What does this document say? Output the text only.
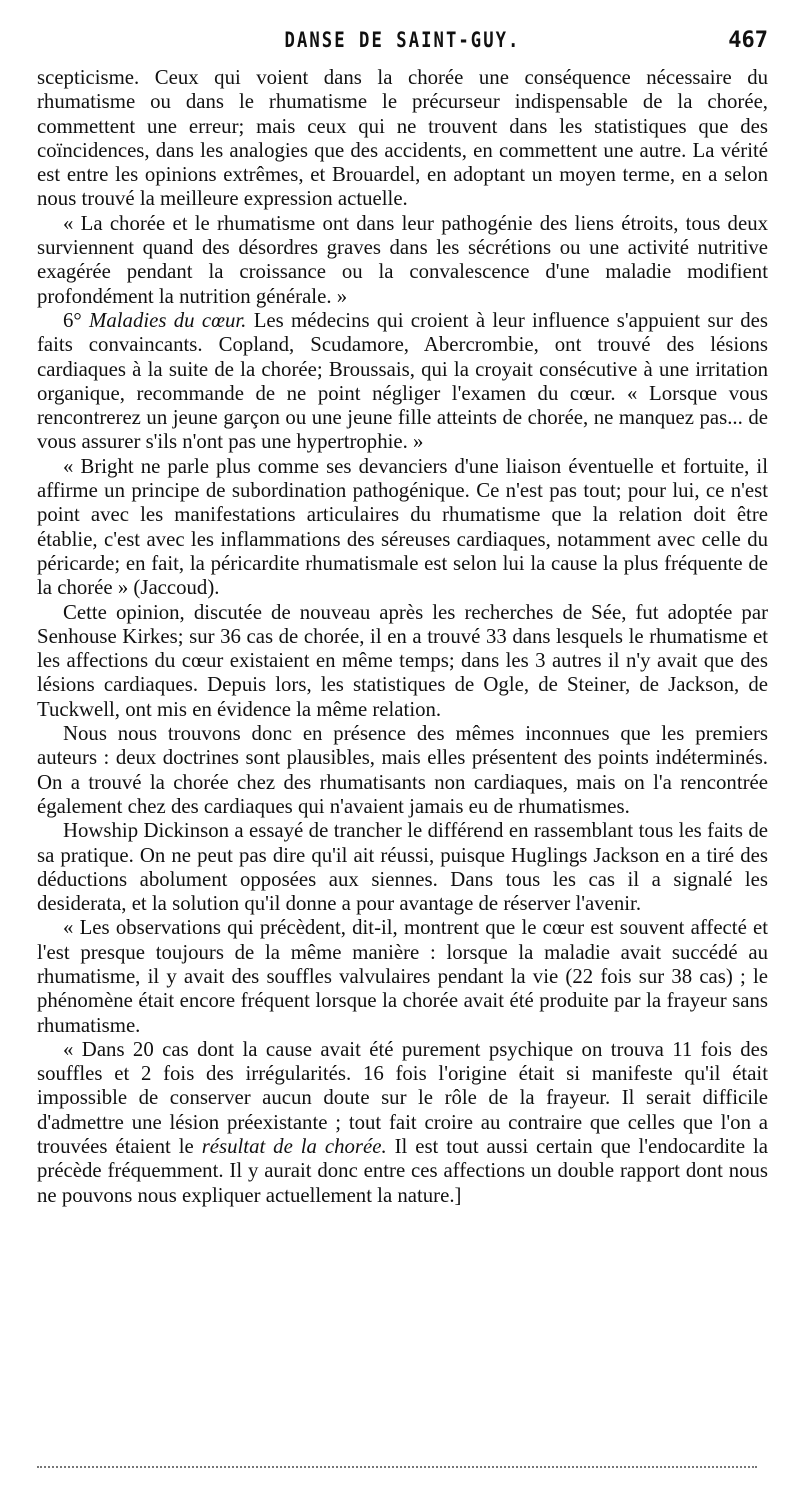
DANSE DE SAINT-GUY.	467

scepticisme. Ceux qui voient dans la chorée une conséquence nécessaire du rhumatisme ou dans le rhumatisme le précurseur indispensable de la chorée, commettent une erreur; mais ceux qui ne trouvent dans les statistiques que des coïncidences, dans les analogies que des accidents, en commettent une autre. La vérité est entre les opinions extrêmes, et Brouardel, en adoptant un moyen terme, en a selon nous trouvé la meilleure expression actuelle.

« La chorée et le rhumatisme ont dans leur pathogénie des liens étroits, tous deux surviennent quand des désordres graves dans les sécrétions ou une activité nutritive exagérée pendant la croissance ou la convalescence d'une maladie modifient profondément la nutrition générale. »

6° Maladies du cœur. Les médecins qui croient à leur influence s'appuient sur des faits convaincants. Copland, Scudamore, Abercrombie, ont trouvé des lésions cardiaques à la suite de la chorée; Broussais, qui la croyait consécutive à une irritation organique, recommande de ne point négliger l'examen du cœur. « Lorsque vous rencontrerez un jeune garçon ou une jeune fille atteints de chorée, ne manquez pas... de vous assurer s'ils n'ont pas une hypertrophie. »

« Bright ne parle plus comme ses devanciers d'une liaison éventuelle et fortuite, il affirme un principe de subordination pathogénique. Ce n'est pas tout; pour lui, ce n'est point avec les manifestations articulaires du rhumatisme que la relation doit être établie, c'est avec les inflammations des séreuses cardiaques, notamment avec celle du péricarde; en fait, la péricardite rhumatismale est selon lui la cause la plus fréquente de la chorée » (Jaccoud).

Cette opinion, discutée de nouveau après les recherches de Sée, fut adoptée par Senhouse Kirkes; sur 36 cas de chorée, il en a trouvé 33 dans lesquels le rhumatisme et les affections du cœur existaient en même temps; dans les 3 autres il n'y avait que des lésions cardiaques. Depuis lors, les statistiques de Ogle, de Steiner, de Jackson, de Tuckwell, ont mis en évidence la même relation.

Nous nous trouvons donc en présence des mêmes inconnues que les premiers auteurs : deux doctrines sont plausibles, mais elles présentent des points indéterminés. On a trouvé la chorée chez des rhumatisants non cardiaques, mais on l'a rencontrée également chez des cardiaques qui n'avaient jamais eu de rhumatismes.

Howship Dickinson a essayé de trancher le différend en rassemblant tous les faits de sa pratique. On ne peut pas dire qu'il ait réussi, puisque Huglings Jackson en a tiré des déductions abolument opposées aux siennes. Dans tous les cas il a signalé les desiderata, et la solution qu'il donne a pour avantage de réserver l'avenir.

« Les observations qui précèdent, dit-il, montrent que le cœur est souvent affecté et l'est presque toujours de la même manière : lorsque la maladie avait succédé au rhumatisme, il y avait des souffles valvulaires pendant la vie (22 fois sur 38 cas) ; le phénomène était encore fréquent lorsque la chorée avait été produite par la frayeur sans rhumatisme.

« Dans 20 cas dont la cause avait été purement psychique on trouva 11 fois des souffles et 2 fois des irrégularités. 16 fois l'origine était si manifeste qu'il était impossible de conserver aucun doute sur le rôle de la frayeur. Il serait difficile d'admettre une lésion préexistante ; tout fait croire au contraire que celles que l'on a trouvées étaient le résultat de la chorée. Il est tout aussi certain que l'endocardite la précède fréquemment. Il y aurait donc entre ces affections un double rapport dont nous ne pouvons nous expliquer actuellement la nature.]
